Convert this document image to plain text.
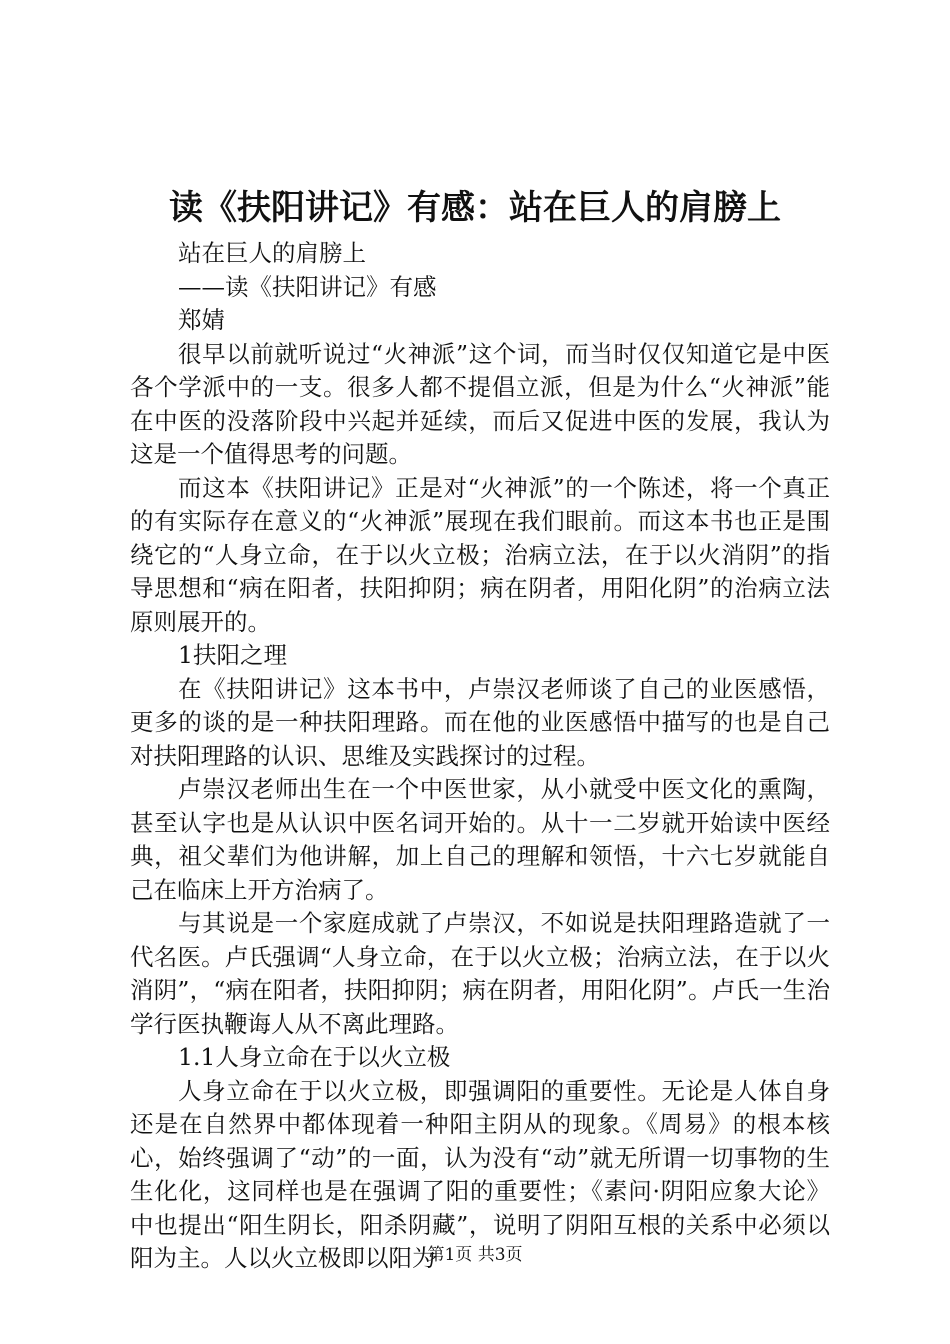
读《扶阳讲记》有感：站在巨人的肩膀上

站在巨人的肩膀上

——读《扶阳讲记》有感

郑婧

很早以前就听说过“火神派”这个词，而当时仅仅知道它是中医各个学派中的一支。很多人都不提倡立派，但是为什么“火神派”能在中医的没落阶段中兴起并延续，而后又促进中医的发展，我认为这是一个值得思考的问题。

而这本《扶阳讲记》正是对“火神派”的一个陈述，将一个真正的有实际存在意义的“火神派”展现在我们眼前。而这本书也正是围绕它的“人身立命，在于以火立极；治病立法，在于以火消阴”的指导思想和“病在阳者，扶阳抑阴；病在阴者，用阳化阴”的治病立法原则展开的。

1扶阳之理

在《扶阳讲记》这本书中，卢崇汉老师谈了自己的业医感悟，更多的谈的是一种扶阳理路。而在他的业医感悟中描写的也是自己对扶阳理路的认识、思维及实践探讨的过程。

卢崇汉老师出生在一个中医世家，从小就受中医文化的熏陶，甚至认字也是从认识中医名词开始的。从十一二岁就开始读中医经典，祖父辈们为他讲解，加上自己的理解和领悟，十六七岁就能自己在临床上开方治病了。

与其说是一个家庭成就了卢崇汉，不如说是扶阳理路造就了一代名医。卢氏强调“人身立命，在于以火立极；治病立法，在于以火消阴”，“病在阳者，扶阳抑阴；病在阴者，用阳化阴”。卢氏一生治学行医执鞭诲人从不离此理路。

1.1人身立命在于以火立极

人身立命在于以火立极，即强调阳的重要性。无论是人体自身还是在自然界中都体现着一种阳主阴从的现象。《周易》的根本核心，始终强调了“动”的一面，认为没有“动”就无所谓一切事物的生生化化，这同样也是在强调了阳的重要性；《素问·阴阳应象大论》中也提出“阳生阴长，阳杀阴藏”，说明了阴阳互根的关系中必须以阳为主。人以火立极即以阳为

第1页 共3页
